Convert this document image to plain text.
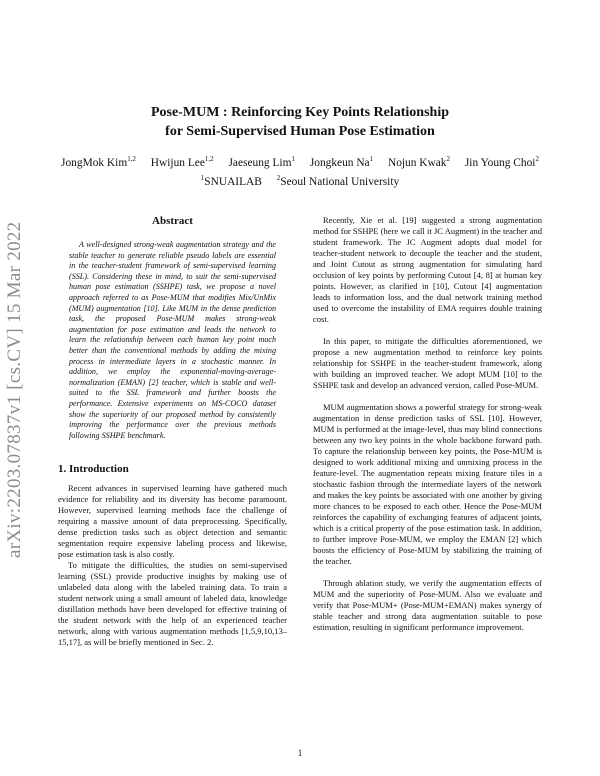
arXiv:2203.07837v1 [cs.CV] 15 Mar 2022
Pose-MUM : Reinforcing Key Points Relationship
for Semi-Supervised Human Pose Estimation
JongMok Kim$^{1,2}$ Hwijun Lee$^{1,2}$ Jaeseung Lim$^1$ Jongkeun Na$^1$ Nojun Kwak$^2$ Jin Young Choi$^2$
$^1$SNUAILAB $^2$Seoul National University
Abstract

A well-designed strong-weak augmentation strategy and the stable teacher to generate reliable pseudo labels are essential in the teacher-student framework of semi-supervised learning (SSL). Considering these in mind, to suit the semi-supervised human pose estimation (SSHPE) task, we propose a novel approach referred to as Pose-MUM that modifies Mix/UnMix (MUM) augmentation [10]. Like MUM in the dense prediction task, the proposed Pose-MUM makes strong-weak augmentation for pose estimation and leads the network to learn the relationship between each human key point much better than the conventional methods by adding the mixing process in intermediate layers in a stochastic manner. In addition, we employ the exponential-moving-average-normalization (EMAN) [2] teacher, which is stable and well-suited to the SSL framework and further boosts the performance. Extensive experiments on MS-COCO dataset show the superiority of our proposed method by consistently improving the performance over the previous methods following SSHPE benchmark.

1. Introduction

Recent advances in supervised learning have gathered much evidence for reliability and its diversity has become paramount. However, supervised learning methods face the challenge of requiring a massive amount of data preprocessing. Specifically, dense prediction tasks such as object detection and semantic segmentation require expensive labeling process and likewise, pose estimation task is also costly.

To mitigate the difficulties, the studies on semi-supervised learning (SSL) provide productive insights by making use of unlabeled data along with the labeled training data. To train a student network using a small amount of labeled data, knowledge distillation methods have been developed for effective training of the student network with the help of an experienced teacher network, along with various augmentation methods [1,5,9,10,13–15,17], as will be briefly mentioned in Sec. 2.

Recently, Xie et al. [19] suggested a strong augmentation method for SSHPE (here we call it JC Augment) in the teacher and student framework. The JC Augment adopts dual model for teacher-student network to decouple the teacher and the student, and Joint Cutout as strong augmentation for simulating hard occlusion of key points by performing Cutout [4, 8] at human key points. However, as clarified in [10], Cutout [4] augmentation leads to information loss, and the dual network training method used to overcome the instability of EMA requires double training cost.

In this paper, to mitigate the difficulties aforementioned, we propose a new augmentation method to reinforce key points relationship for SSHPE in the teacher-student framework, along with building an improved teacher. We adopt MUM [10] to the SSHPE task and develop an advanced version, called Pose-MUM.

MUM augmentation shows a powerful strategy for strong-weak augmentation in dense prediction tasks of SSL [10]. However, MUM is performed at the image-level, thus may blind connections between any two key points in the whole backbone forward path. To capture the relationship between key points, the Pose-MUM is designed to work additional mixing and unmixing process in the feature-level. The augmentation repeats mixing feature tiles in a stochastic fashion through the intermediate layers of the network and makes the key points be associated with one another by giving more chances to be exposed to each other. Hence the Pose-MUM reinforces the capability of exchanging features of adjacent joints, which is a critical property of the pose estimation task. In addition, to further improve Pose-MUM, we employ the EMAN [2] which boosts the efficiency of Pose-MUM by stabilizing the training of the teacher.

Through ablation study, we verify the augmentation effects of MUM and the superiority of Pose-MUM. Also we evaluate and verify that Pose-MUM+ (Pose-MUM+EMAN) makes synergy of stable teacher and strong data augmentation suitable to pose estimation, resulting in significant performance improvement.

1
